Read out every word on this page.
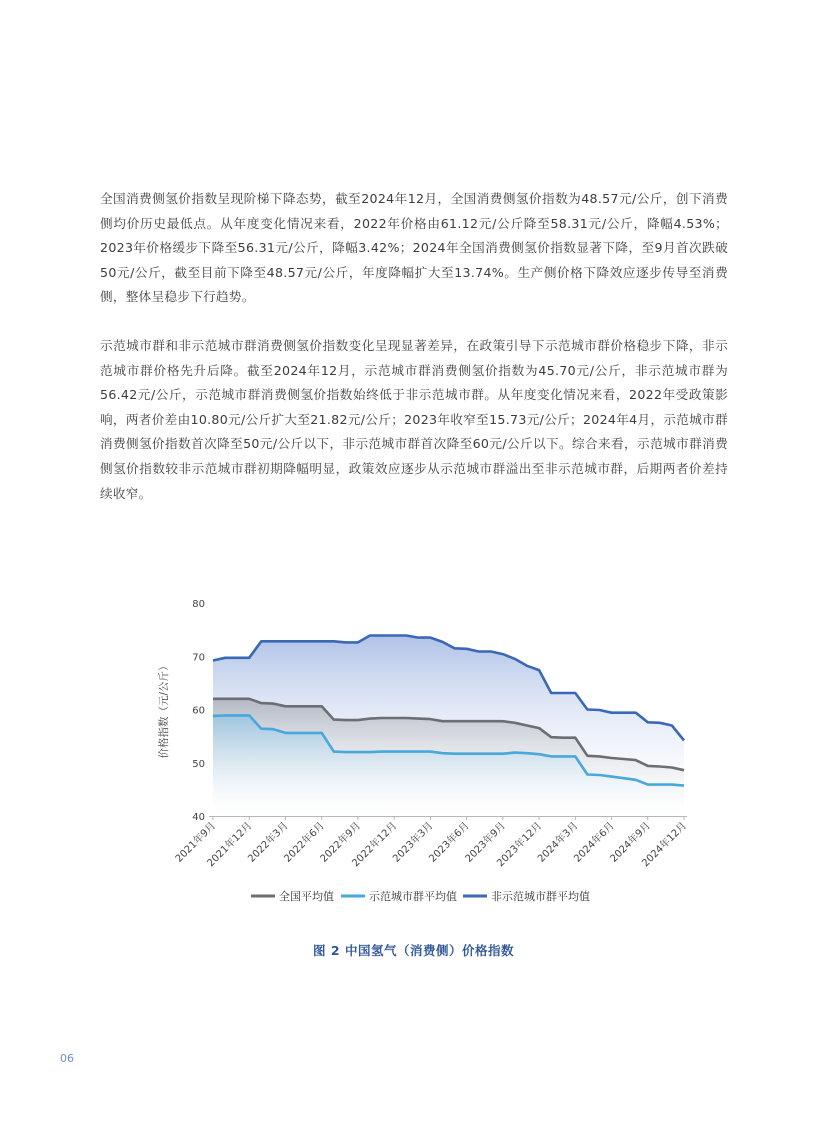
全国消费侧氢价指数呈现阶梯下降态势，截至2024年12月，全国消费侧氢价指数为48.57元/公斤，创下消费侧均价历史最低点。从年度变化情况来看，2022年价格由61.12元/公斤降至58.31元/公斤，降幅4.53%；2023年价格缓步下降至56.31元/公斤，降幅3.42%；2024年全国消费侧氢价指数显著下降，至9月首次跌破50元/公斤，截至目前下降至48.57元/公斤，年度降幅扩大至13.74%。生产侧价格下降效应逐步传导至消费侧，整体呈稳步下行趋势。

示范城市群和非示范城市群消费侧氢价指数变化呈现显著差异，在政策引导下示范城市群价格稳步下降，非示范城市群价格先升后降。截至2024年12月，示范城市群消费侧氢价指数为45.70元/公斤，非示范城市群为56.42元/公斤，示范城市群消费侧氢价指数始终低于非示范城市群。从年度变化情况来看，2022年受政策影响，两者价差由10.80元/公斤扩大至21.82元/公斤；2023年收窄至15.73元/公斤；2024年4月，示范城市群消费侧氢价指数首次降至50元/公斤以下，非示范城市群首次降至60元/公斤以下。综合来看，示范城市群消费侧氢价指数较非示范城市群初期降幅明显，政策效应逐步从示范城市群溢出至非示范城市群，后期两者价差持续收窄。

40
50
60
70
80
2021年9月
2021年12月
2022年3月
2022年6月
2022年9月
2022年12月
2023年3月
2023年6月
2023年9月
2023年12月
2024年3月
2024年6月
2024年9月
2024年12月
价格指数（元/公斤）
全国平均值	示范城市群平均值	非示范城市群平均值
图 2 中国氢气（消费侧）价格指数
06
